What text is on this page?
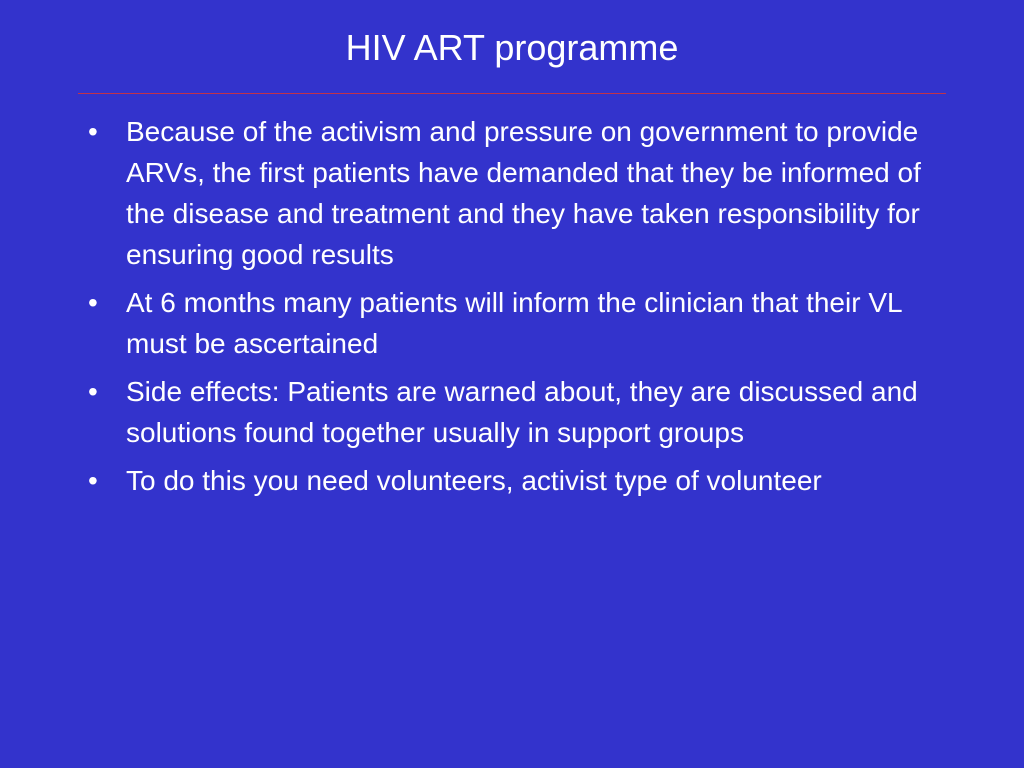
HIV ART programme
• Because of the activism and pressure on government to provide ARVs, the first patients have demanded that they be informed of the disease and treatment and they have taken responsibility for ensuring good results
• At 6 months many patients will inform the clinician that their VL must be ascertained
• Side effects: Patients are warned about, they are discussed and solutions found together usually in support groups
• To do this you need volunteers, activist type of volunteer
